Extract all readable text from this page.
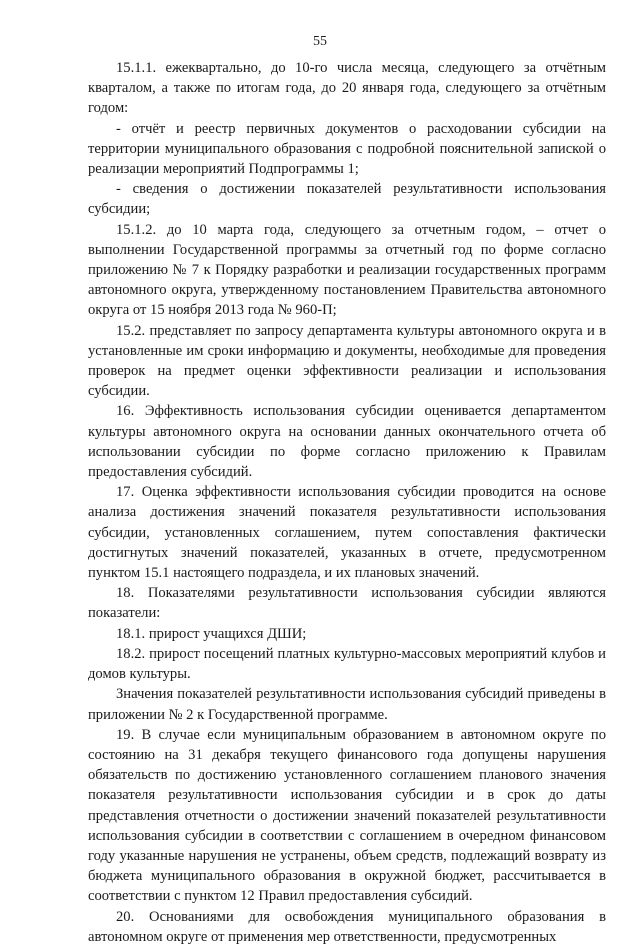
55

15.1.1. ежеквартально, до 10-го числа месяца, следующего за отчётным кварталом, а также по итогам года, до 20 января года, следующего за отчётным годом:

- отчёт и реестр первичных документов о расходовании субсидии на территории муниципального образования с подробной пояснительной запиской о реализации мероприятий Подпрограммы 1;

- сведения о достижении показателей результативности использования субсидии;

15.1.2. до 10 марта года, следующего за отчетным годом, – отчет о выполнении Государственной программы за отчетный год по форме согласно приложению № 7 к Порядку разработки и реализации государственных программ автономного округа, утвержденному постановлением Правительства автономного округа от 15 ноября 2013 года № 960-П;

15.2. представляет по запросу департамента культуры автономного округа и в установленные им сроки информацию и документы, необходимые для проведения проверок на предмет оценки эффективности реализации и использования субсидии.

16. Эффективность использования субсидии оценивается департаментом культуры автономного округа на основании данных окончательного отчета об использовании субсидии по форме согласно приложению к Правилам предоставления субсидий.

17. Оценка эффективности использования субсидии проводится на основе анализа достижения значений показателя результативности использования субсидии, установленных соглашением, путем сопоставления фактически достигнутых значений показателей, указанных в отчете, предусмотренном пунктом 15.1 настоящего подраздела, и их плановых значений.

18. Показателями результативности использования субсидии являются показатели:

18.1. прирост учащихся ДШИ;

18.2. прирост посещений платных культурно-массовых мероприятий клубов и домов культуры.

Значения показателей результативности использования субсидий приведены в приложении № 2 к Государственной программе.

19. В случае если муниципальным образованием в автономном округе по состоянию на 31 декабря текущего финансового года допущены нарушения обязательств по достижению установленного соглашением планового значения показателя результативности использования субсидии и в срок до даты представления отчетности о достижении значений показателей результативности использования субсидии в соответствии с соглашением в очередном финансовом году указанные нарушения не устранены, объем средств, подлежащий возврату из бюджета муниципального образования в окружной бюджет, рассчитывается в соответствии с пунктом 12 Правил предоставления субсидий.

20. Основаниями для освобождения муниципального образования в автономном округе от применения мер ответственности, предусмотренных
